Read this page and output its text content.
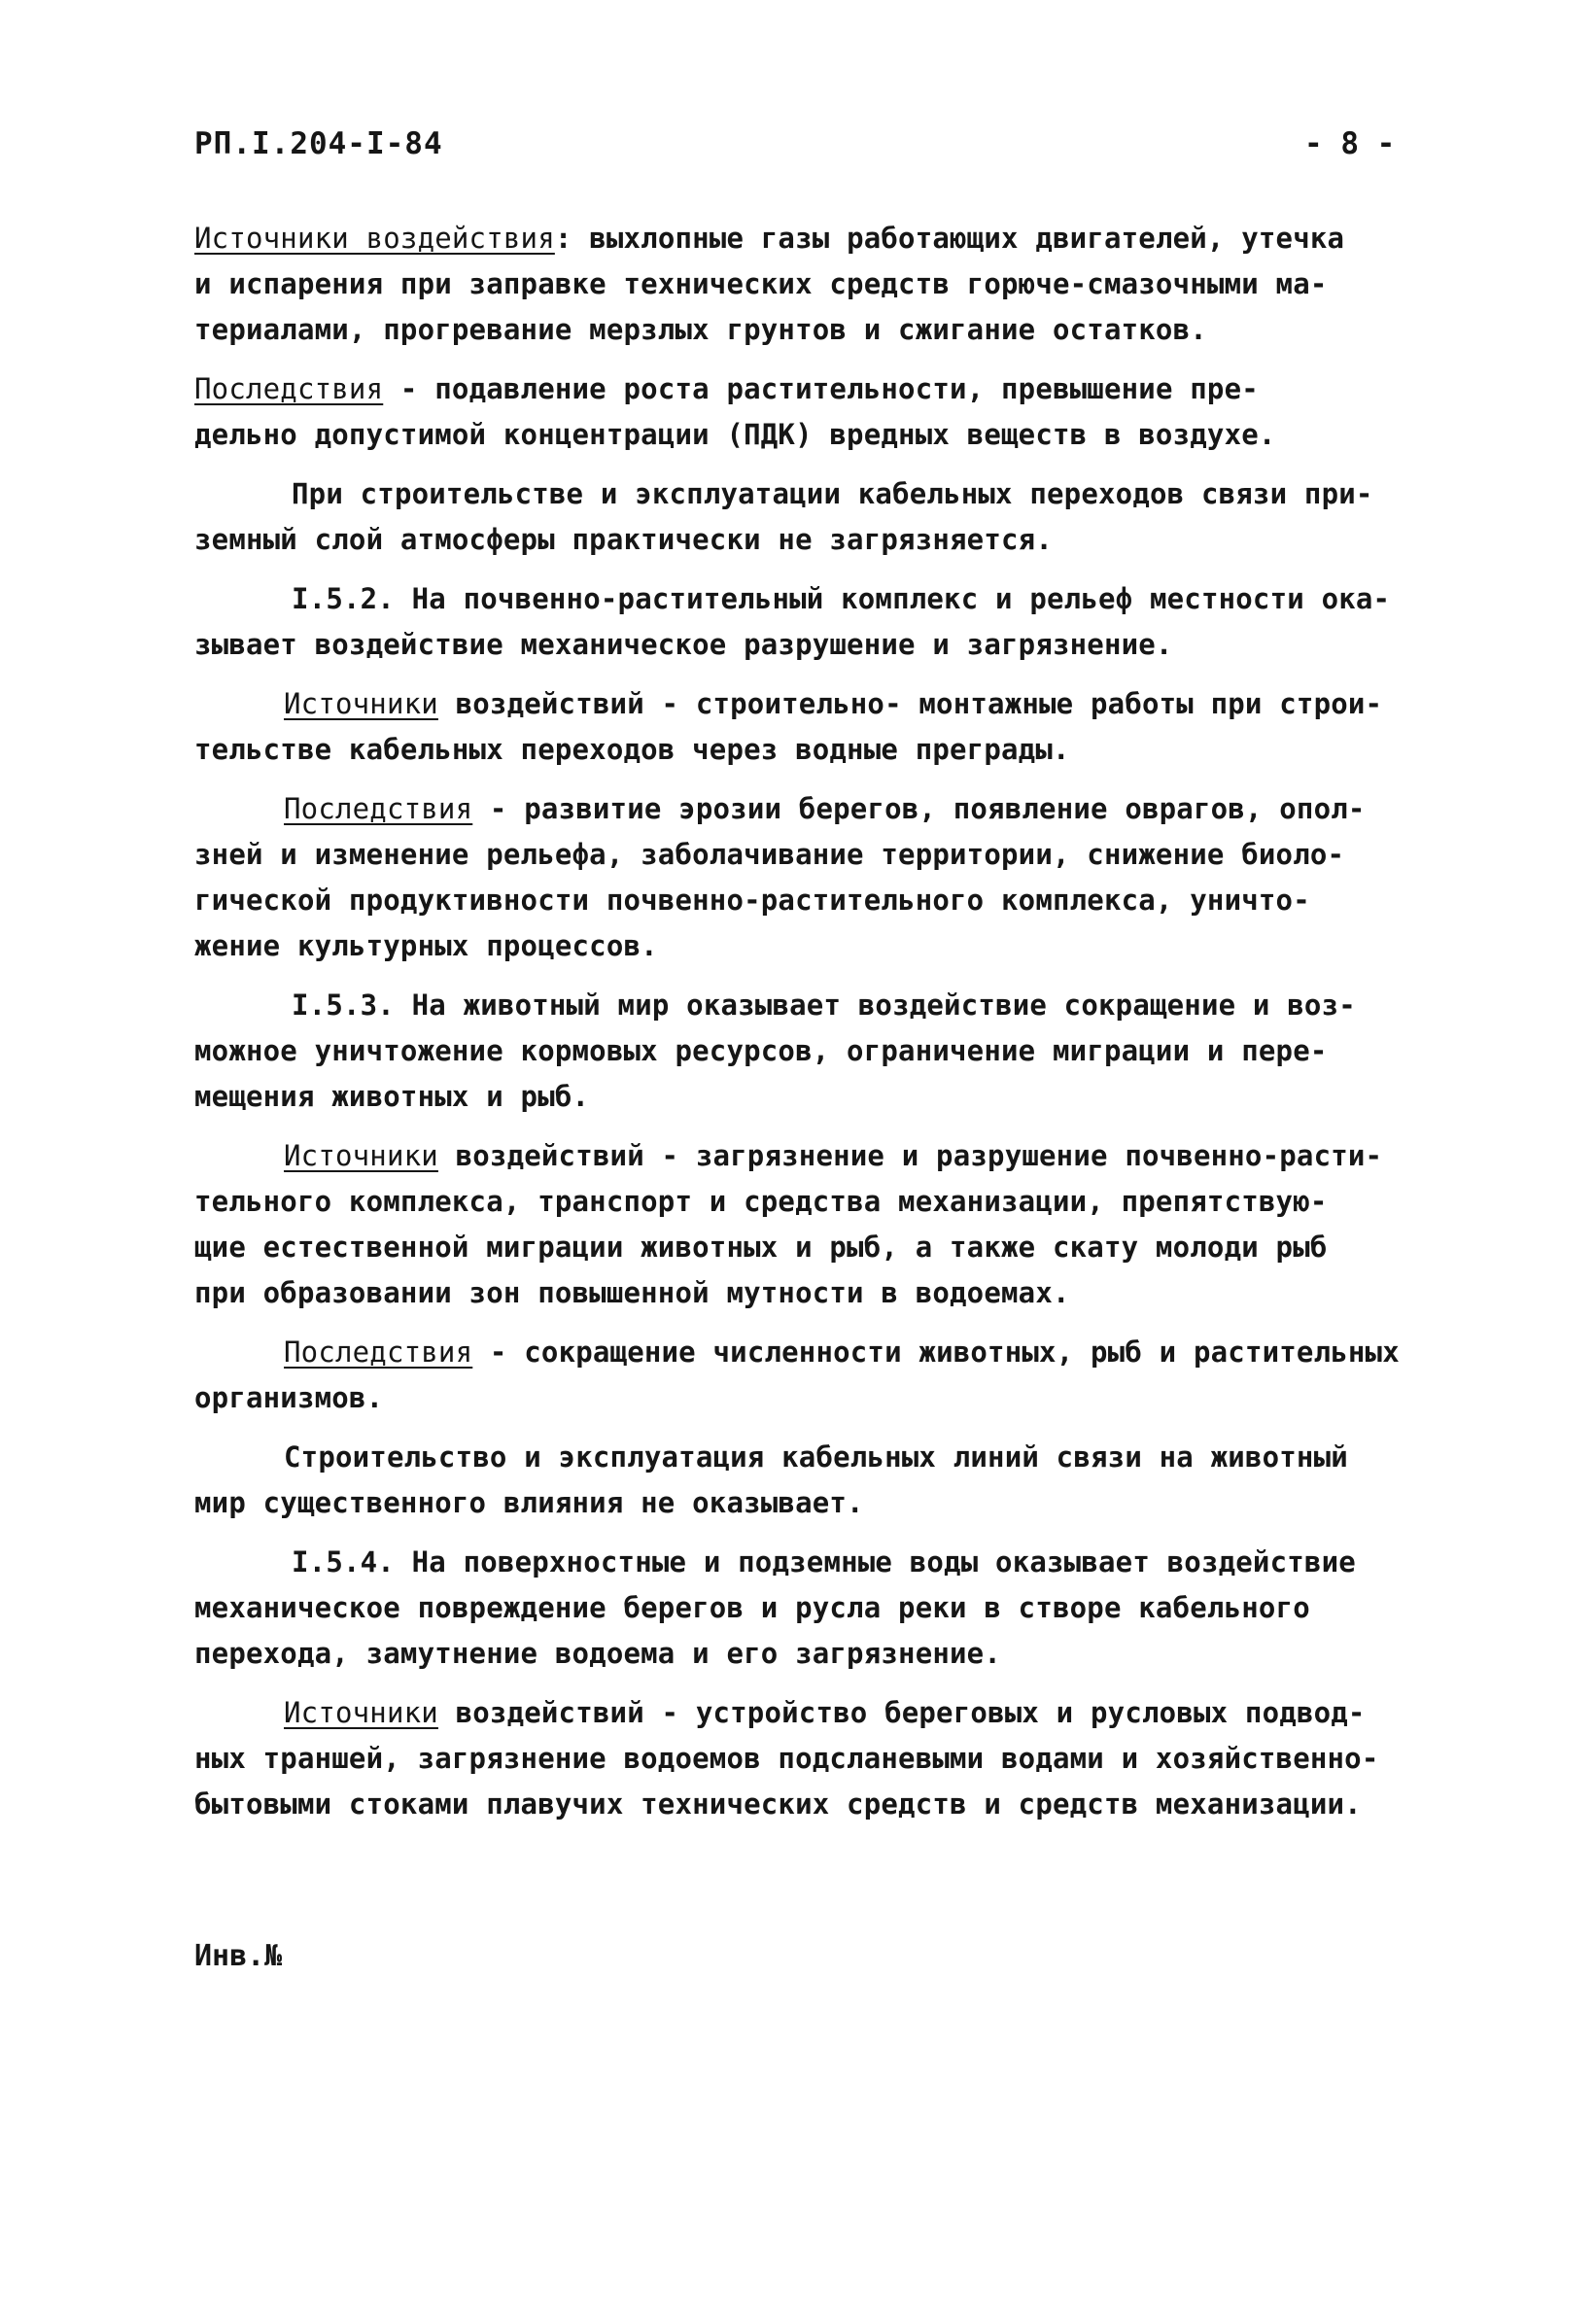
РП.I.204-I-84	- 8 -

Источники воздействия: выхлопные газы работающих двигателей, утечка
и испарения при заправке технических средств горюче-смазочными ма-
териалами, прогревание мерзлых грунтов и сжигание остатков.

Последствия - подавление роста растительности, превышение пре-
дельно допустимой концентрации (ПДК) вредных веществ в воздухе.

При строительстве и эксплуатации кабельных переходов связи при-
земный слой атмосферы практически не загрязняется.

I.5.2. На почвенно-растительный комплекс и рельеф местности ока-
зывает воздействие механическое разрушение и загрязнение.

Источники воздействий - строительно- монтажные работы при строи-
тельстве кабельных переходов через водные преграды.

Последствия - развитие эрозии берегов, появление оврагов, опол-
зней и изменение рельефа, заболачивание территории, снижение биоло-
гической продуктивности почвенно-растительного комплекса, уничто-
жение культурных процессов.

I.5.3. На животный мир оказывает воздействие сокращение и воз-
можное уничтожение кормовых ресурсов, ограничение миграции и пере-
мещения животных и рыб.

Источники воздействий - загрязнение и разрушение почвенно-расти-
тельного комплекса, транспорт и средства механизации, препятствую-
щие естественной миграции животных и рыб, а также скату молоди рыб
при образовании зон повышенной мутности в водоемах.

Последствия - сокращение численности животных, рыб и растительных
организмов.

Строительство и эксплуатация кабельных линий связи на животный
мир существенного влияния не оказывает.

I.5.4. На поверхностные и подземные воды оказывает воздействие
механическое повреждение берегов и русла реки в створе кабельного
перехода, замутнение водоема и его загрязнение.

Источники воздействий - устройство береговых и русловых подвод-
ных траншей, загрязнение водоемов подсланевыми водами и хозяйственно-
бытовыми стоками плавучих технических средств и средств механизации.

Инв.№
